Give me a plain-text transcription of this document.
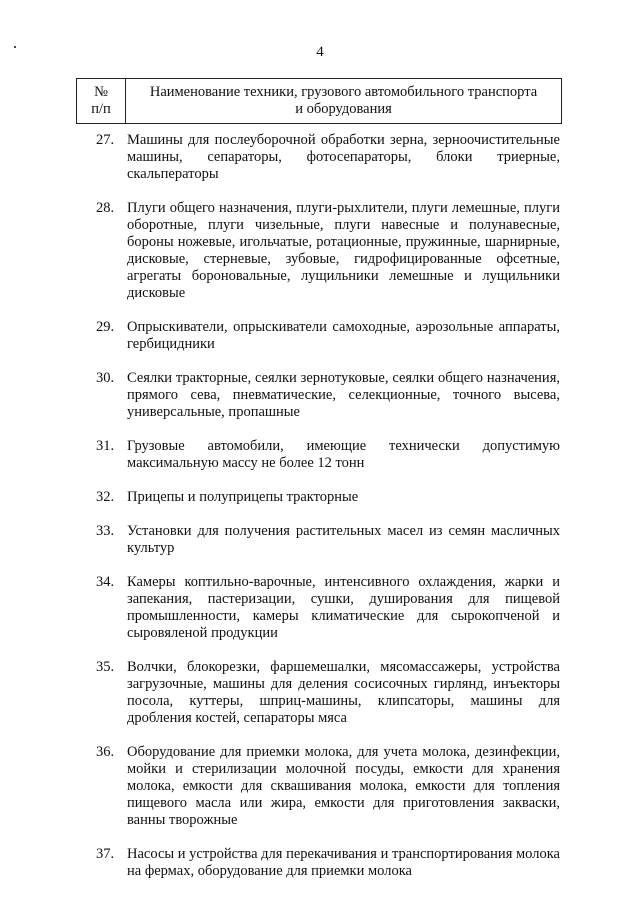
4
№
п/п

Наименование техники, грузового автомобильного транспорта
и оборудования
27. Машины для послеуборочной обработки зерна, зерноочистительные машины, сепараторы, фотосепараторы, блоки триерные, скальператоры
28. Плуги общего назначения, плуги-рыхлители, плуги лемешные, плуги оборотные, плуги чизельные, плуги навесные и полунавесные, бороны ножевые, игольчатые, ротационные, пружинные, шарнирные, дисковые, стерневые, зубовые, гидрофицированные офсетные, агрегаты бороновальные, лущильники лемешные и лущильники дисковые
29. Опрыскиватели, опрыскиватели самоходные, аэрозольные аппараты, гербицидники
30. Сеялки тракторные, сеялки зернотуковые, сеялки общего назначения, прямого сева, пневматические, селекционные, точного высева, универсальные, пропашные
31. Грузовые автомобили, имеющие технически допустимую максимальную массу не более 12 тонн
32. Прицепы и полуприцепы тракторные
33. Установки для получения растительных масел из семян масличных культур
34. Камеры коптильно-варочные, интенсивного охлаждения, жарки и запекания, пастеризации, сушки, душирования для пищевой промышленности, камеры климатические для сырокопченой и сыровяленой продукции
35. Волчки, блокорезки, фаршемешалки, мясомассажеры, устройства загрузочные, машины для деления сосисочных гирлянд, инъекторы посола, куттеры, шприц-машины, клипсаторы, машины для дробления костей, сепараторы мяса
36. Оборудование для приемки молока, для учета молока, дезинфекции, мойки и стерилизации молочной посуды, емкости для хранения молока, емкости для сквашивания молока, емкости для топления пищевого масла или жира, емкости для приготовления закваски, ванны творожные
37. Насосы и устройства для перекачивания и транспортирования молока на фермах, оборудование для приемки молока
